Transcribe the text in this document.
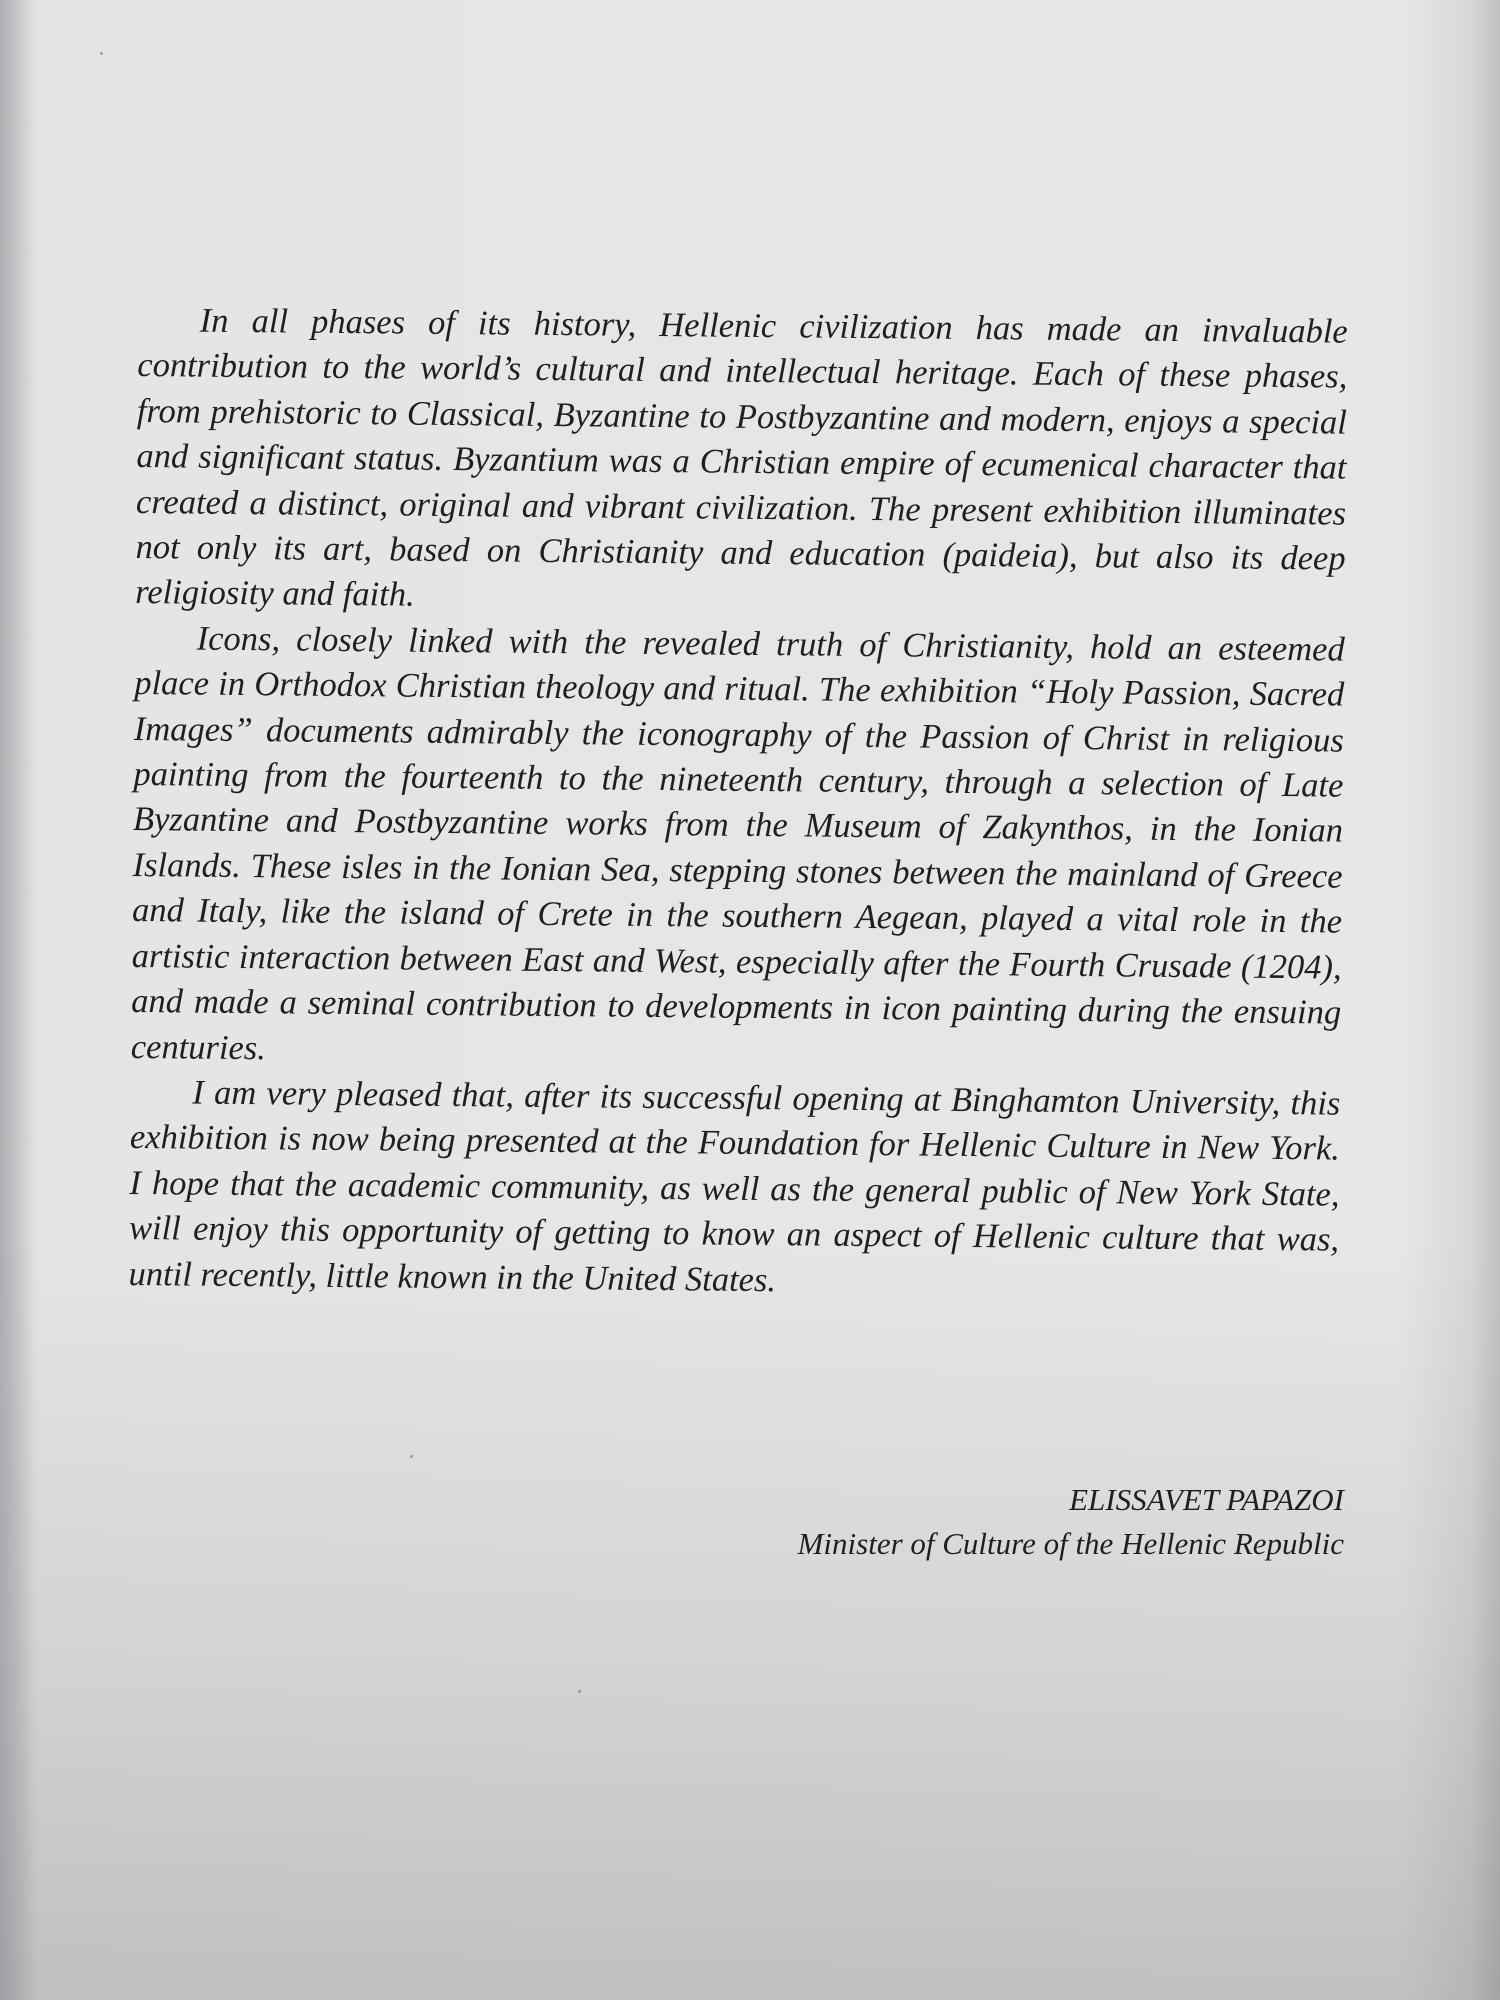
In all phases of its history, Hellenic civilization has made an invaluable contribution to the world’s cultural and intellectual heritage. Each of these phases, from prehistoric to Classical, Byzantine to Postbyzantine and modern, enjoys a special and significant status. Byzantium was a Christian empire of ecumenical character that created a distinct, original and vibrant civilization. The present exhibition illuminates not only its art, based on Christianity and education (paideia), but also its deep religiosity and faith.

Icons, closely linked with the revealed truth of Christianity, hold an esteemed place in Orthodox Christian theology and ritual. The exhibition “Holy Passion, Sacred Images” documents admirably the iconography of the Passion of Christ in religious painting from the fourteenth to the nineteenth century, through a selection of Late Byzantine and Postbyzantine works from the Museum of Zakynthos, in the Ionian Islands. These isles in the Ionian Sea, stepping stones between the mainland of Greece and Italy, like the island of Crete in the southern Aegean, played a vital role in the artistic interaction between East and West, especially after the Fourth Crusade (1204), and made a seminal contribution to developments in icon painting during the ensuing centuries.

I am very pleased that, after its successful opening at Binghamton University, this exhibition is now being presented at the Foundation for Hellenic Culture in New York. I hope that the academic community, as well as the general public of New York State, will enjoy this opportunity of getting to know an aspect of Hellenic culture that was, until recently, little known in the United States.

ELISSAVET PAPAZOI
Minister of Culture of the Hellenic Republic
